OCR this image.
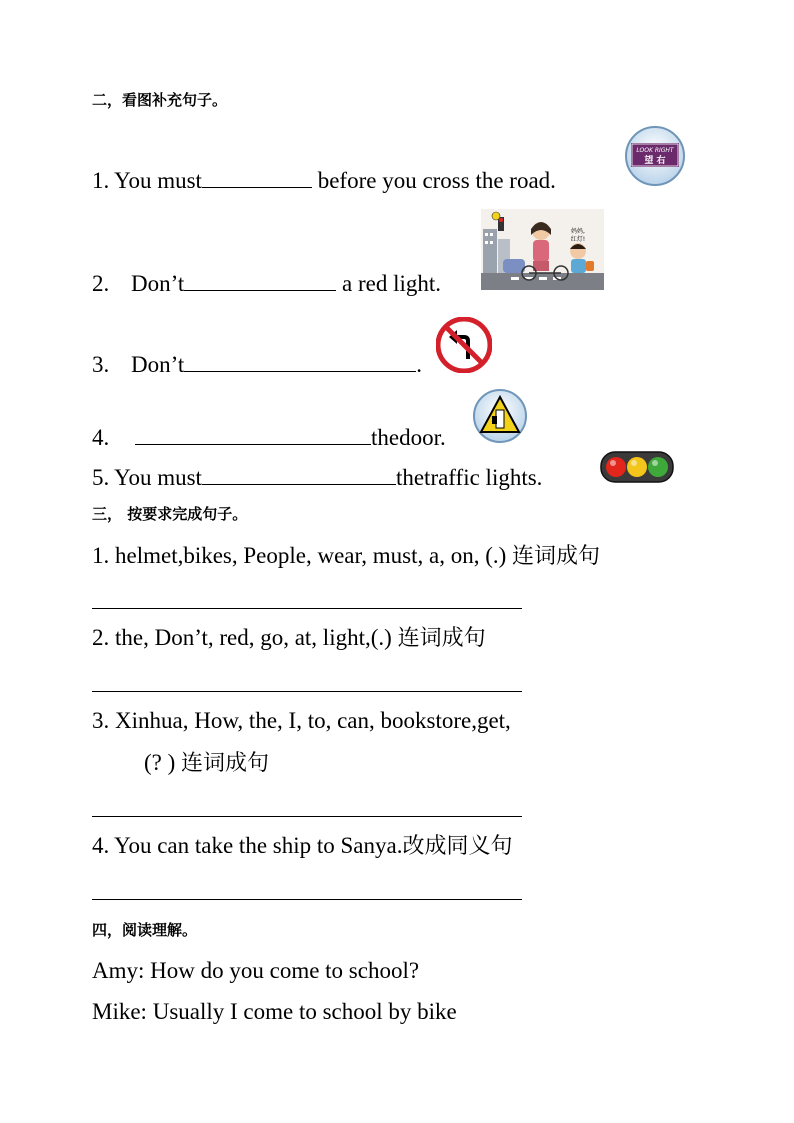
二，看图补充句子。
1. You must	before you cross the road.
LOOK RIGHT
望 右
2. Don’t	a red light.
妈妈,
红灯!
3. Don’t	.
4.	thedoor.
5. You must	thetraffic lights.
三， 按要求完成句子。
1. helmet,bikes, People, wear, must, a, on, (.) 连词成句
2. the, Don’t, red, go, at, light,(.) 连词成句
3. Xinhua, How, the, I, to, can, bookstore,get,
(? ) 连词成句
4. You can take the ship to Sanya.改成同义句
四，阅读理解。
Amy: How do you come to school?
Mike: Usually I come to school by bike
